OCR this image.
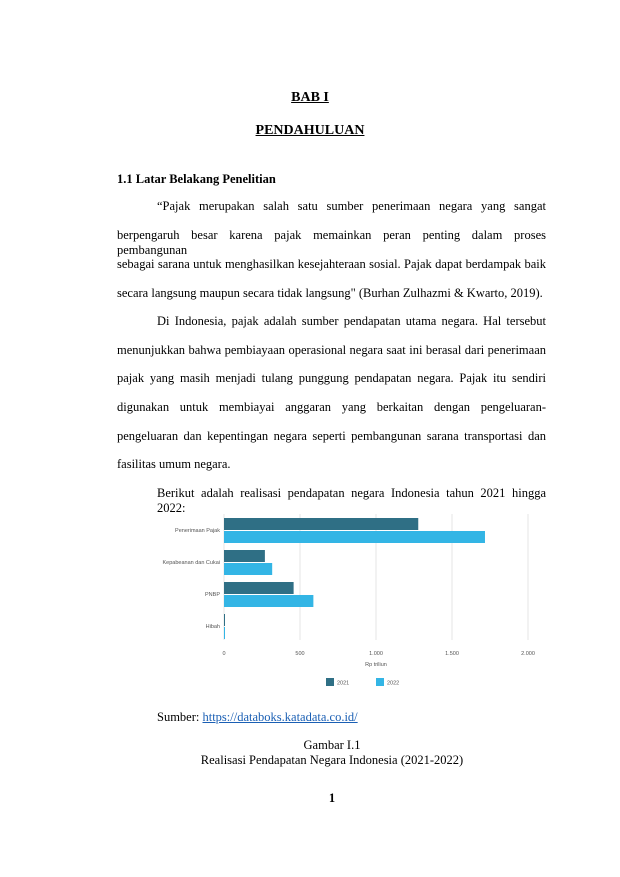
BAB I
PENDAHULUAN
1.1 Latar Belakang Penelitian
“Pajak merupakan salah satu sumber penerimaan negara yang sangat
berpengaruh besar karena pajak memainkan peran penting dalam proses pembangunan
sebagai sarana untuk menghasilkan kesejahteraan sosial. Pajak dapat berdampak baik
secara langsung maupun secara tidak langsung" (Burhan Zulhazmi & Kwarto, 2019).
Di Indonesia, pajak adalah sumber pendapatan utama negara. Hal tersebut
menunjukkan bahwa pembiayaan operasional negara saat ini berasal dari penerimaan
pajak yang masih menjadi tulang punggung pendapatan negara. Pajak itu sendiri
digunakan untuk membiayai anggaran yang berkaitan dengan pengeluaran-
pengeluaran dan kepentingan negara seperti pembangunan sarana transportasi dan
fasilitas umum negara.
Berikut adalah realisasi pendapatan negara Indonesia tahun 2021 hingga 2022:
0	500	1.000	1.500	2.000
Penerimaan Pajak
Kepabeanan dan Cukai
PNBP
Hibah
Rp triliun
2021	2022
Sumber: https://databoks.katadata.co.id/
Gambar I.1
Realisasi Pendapatan Negara Indonesia (2021-2022)
1
